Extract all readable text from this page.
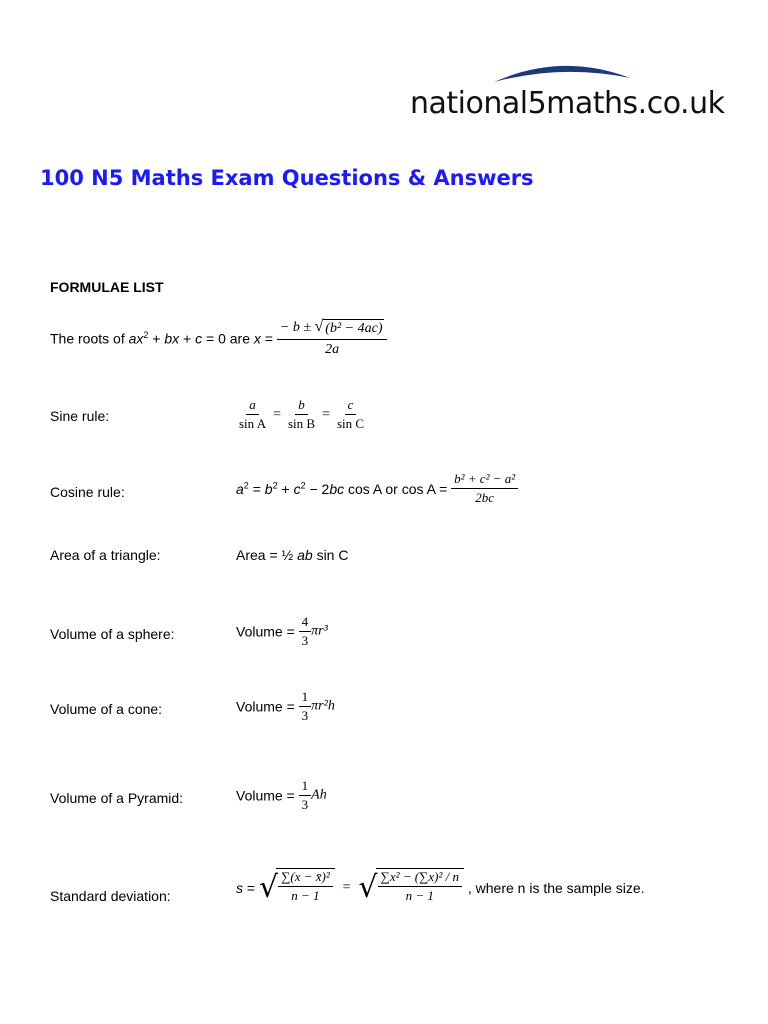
national5maths.co.uk
100 N5 Maths Exam Questions & Answers
FORMULAE LIST
The roots of $ax^2$ + bx + c = 0 are $x = \frac{\text{− b ± √ (b² − 4ac)}}{2a}$
Sine rule:	$\frac{a}{\text{sin A}} = \frac{b}{\text{sin B}} = \frac{c}{\text{sin C}}$
Cosine rule:	$a^2 = b^2 + c^2 - 2bc$ cos A or $\cos A = \frac{\text{b² + c² − a²}}{2bc}$
Area of a triangle:	Area = ½ ab sin C
Volume of a sphere:	Volume = $\frac{4}{3} \pi r^3$
Volume of a cone:	Volume = $\frac{1}{3} \pi r^2h$
Volume of a Pyramid:	Volume = $\frac{1}{3}$ Ah
Standard deviation:	s = √ $\frac{\text{∑(x − x̄)²}}{n - 1}$ = √ $\frac{\text{∑x² − (∑x)² / n}}{n - 1}$ , where n is the sample size.
